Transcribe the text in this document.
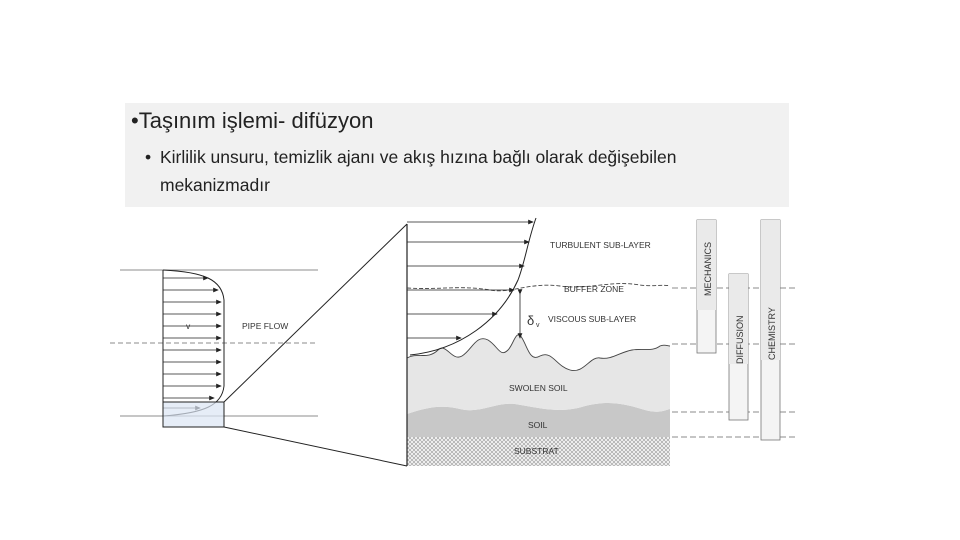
•Taşınım işlemi- difüzyon
• Kirlilik unsuru, temizlik ajanı ve akış hızına bağlı olarak değişebilen mekanizmadır
v	PIPE FLOW	δ v
TURBULENT SUB-LAYER
BUFFER ZONE
VISCOUS SUB-LAYER
SWOLEN SOIL
SOIL
SUBSTRAT
MECHANICS
DIFFUSION CHEMISTRY
